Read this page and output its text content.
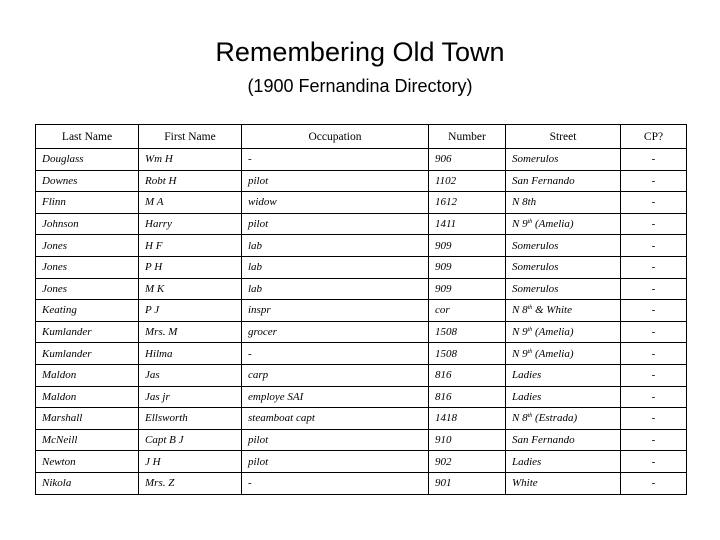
Remembering Old Town
(1900 Fernandina Directory)
Last Name	First Name	Occupation	Number	Street	CP?
Douglass	Wm H	-	906	Somerulos	-
Downes	Robt H	pilot	1102	San Fernando	-
Flinn	M A	widow	1612	N 8th	-
Johnson	Harry	pilot	1411	N 9th (Amelia)	-
Jones	H F	lab	909	Somerulos	-
Jones	P H	lab	909	Somerulos	-
Jones	M K	lab	909	Somerulos	-
Keating	P J	inspr	cor	N 8th & White	-
Kumlander	Mrs. M	grocer	1508	N 9th (Amelia)	-
Kumlander	Hilma	-	1508	N 9th (Amelia)	-
Maldon	Jas	carp	816	Ladies	-
Maldon	Jas jr	employe SAI	816	Ladies	-
Marshall	Ellsworth	steamboat capt	1418	N 8th (Estrada)	-
McNeill	Capt B J	pilot	910	San Fernando	-
Newton	J H	pilot	902	Ladies	-
Nikola	Mrs. Z	-	901	White	-
